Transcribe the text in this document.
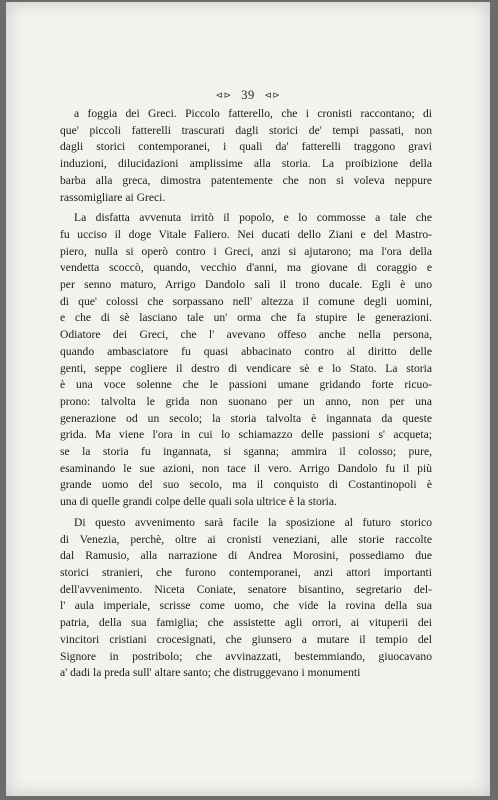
⊲⊳ 39 ⊲⊳

a foggia dei Greci. Piccolo fatterello, che i cronisti raccontano; di
que' piccoli fatterelli trascurati dagli storici de' tempi passati, non
dagli storici contemporanei, i quali da' fatterelli traggono gravi
induzioni, dilucidazioni amplissime alla storia. La proibizione della
barba alla greca, dimostra patentemente che non si voleva neppure
rassomigliare ai Greci.

La disfatta avvenuta irritò il popolo, e lo commosse a tale che
fu ucciso il doge Vitale Faliero. Nei ducati dello Ziani e del Mastro-
piero, nulla si operò contro i Greci, anzi si ajutarono; ma l'ora della
vendetta scoccò, quando, vecchio d'anni, ma giovane di coraggio e
per senno maturo, Arrigo Dandolo salì il trono ducale. Egli è uno
di que' colossi che sorpassano nell' altezza il comune degli uomini,
e che di sè lasciano tale un' orma che fa stupire le generazioni.
Odiatore dei Greci, che l' avevano offeso anche nella persona,
quando ambasciatore fu quasi abbacinato contro al diritto delle
genti, seppe cogliere il destro di vendicare sè e lo Stato. La storia
è una voce solenne che le passioni umane gridando forte ricuo-
prono: talvolta le grida non suonano per un anno, non per una
generazione od un secolo; la storia talvolta è ingannata da queste
grida. Ma viene l'ora in cui lo schiamazzo delle passioni s' acqueta;
se la storia fu ingannata, si sganna; ammira il colosso; pure,
esaminando le sue azioni, non tace il vero. Arrigo Dandolo fu il più
grande uomo del suo secolo, ma il conquisto di Costantinopoli è
una di quelle grandi colpe delle quali sola ultrice è la storia.

Di questo avvenimento sarà facile la sposizione al futuro storico
di Venezia, perchè, oltre ai cronisti veneziani, alle storie raccolte
dal Ramusio, alla narrazione di Andrea Morosini, possediamo due
storici stranieri, che furono contemporanei, anzi attori importanti
dell'avvenimento. Niceta Coniate, senatore bisantino, segretario del-
l' aula imperiale, scrisse come uomo, che vide la rovina della sua
patria, della sua famiglia; che assistette agli orrori, ai vituperii dei
vincitori cristiani crocesignati, che giunsero a mutare il tempio del
Signore in postribolo; che avvinazzati, bestemmiando, giuocavano
a' dadi la preda sull' altare santo; che distruggevano i monumenti
